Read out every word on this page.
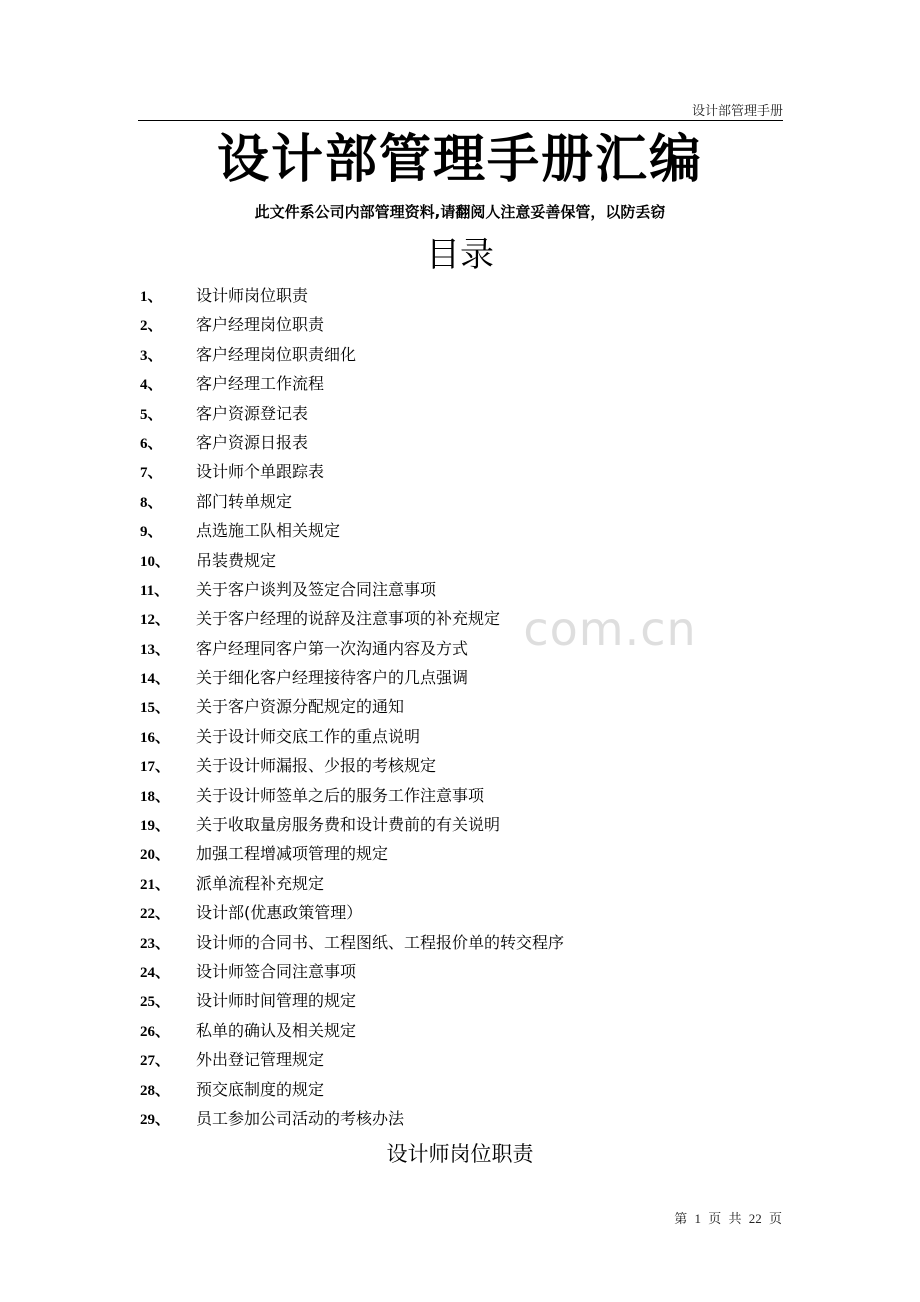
设计部管理手册
设计部管理手册汇编
此文件系公司内部管理资料,请翻阅人注意妥善保管，以防丢窃
目录
1、 设计师岗位职责
2、 客户经理岗位职责
3、 客户经理岗位职责细化
4、 客户经理工作流程
5、 客户资源登记表
6、 客户资源日报表
7、 设计师个单跟踪表
8、 部门转单规定
9、 点选施工队相关规定
10、 吊装费规定
11、 关于客户谈判及签定合同注意事项
12、 关于客户经理的说辞及注意事项的补充规定
13、 客户经理同客户第一次沟通内容及方式
14、 关于细化客户经理接待客户的几点强调
15、 关于客户资源分配规定的通知
16、 关于设计师交底工作的重点说明
17、 关于设计师漏报、少报的考核规定
18、 关于设计师签单之后的服务工作注意事项
19、 关于收取量房服务费和设计费前的有关说明
20、 加强工程增减项管理的规定
21、 派单流程补充规定
22、 设计部(优惠政策管理）
23、 设计师的合同书、工程图纸、工程报价单的转交程序
24、 设计师签合同注意事项
25、 设计师时间管理的规定
26、 私单的确认及相关规定
27、 外出登记管理规定
28、 预交底制度的规定
29、 员工参加公司活动的考核办法
com.cn
设计师岗位职责
第 1 页 共 22 页
